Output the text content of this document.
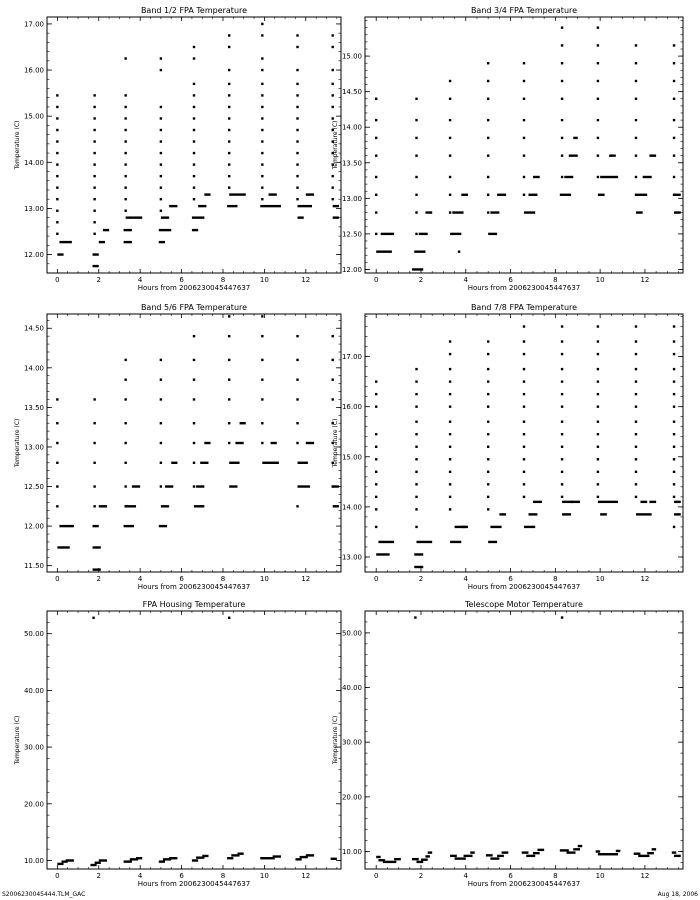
Band 1/2 FPA Temperature
0	2	4	6	8	10	12
12.00
13.00
14.00
15.00
16.00
17.00
Hours from 2006230045447637
Temperature (C)
Band 3/4 FPA Temperature
0	2	4	6	8	10	12
12.00
12.50
13.00
13.50
14.00
14.50
15.00
Hours from 2006230045447637
Temperature (C)
Band 5/6 FPA Temperature
0	2	4	6	8	10	12
11.50
12.00
12.50
13.00
13.50
14.00
14.50
Hours from 2006230045447637
Temperature (C)
Band 7/8 FPA Temperature
0	2	4	6	8	10	12
13.00
14.00
15.00
16.00
17.00
Hours from 2006230045447637
Temperature (C)
FPA Housing Temperature
0	2	4	6	8	10	12
10.00
20.00
30.00
40.00
50.00
Hours from 2006230045447637
Temperature (C)
Telescope Motor Temperature
0	2	4	6	8	10	12
10.00
20.00
30.00
40.00
50.00
Hours from 2006230045447637
Temperature (C)
S2006230045444.TLM_GAC	Aug 18, 2006
